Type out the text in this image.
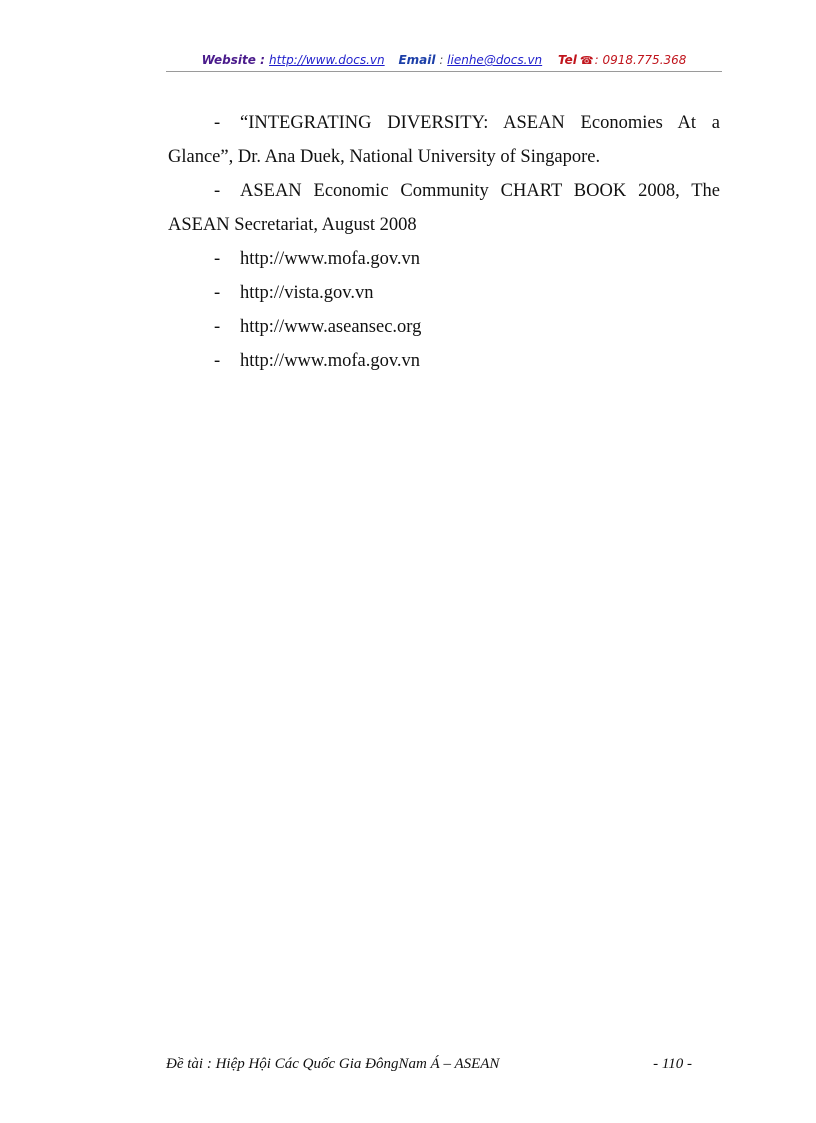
Website : http://www.docs.vn Email : lienhe@docs.vn Tel ☎: 0918.775.368

- “INTEGRATING DIVERSITY: ASEAN Economies At a Glance”, Dr. Ana Duek, National University of Singapore.

- ASEAN Economic Community CHART BOOK 2008, The ASEAN Secretariat, August 2008

- http://www.mofa.gov.vn
- http://vista.gov.vn
- http://www.aseansec.org
- http://www.mofa.gov.vn
Đề tài : Hiệp Hội Các Quốc Gia ĐôngNam Á – ASEAN	- 110 -
